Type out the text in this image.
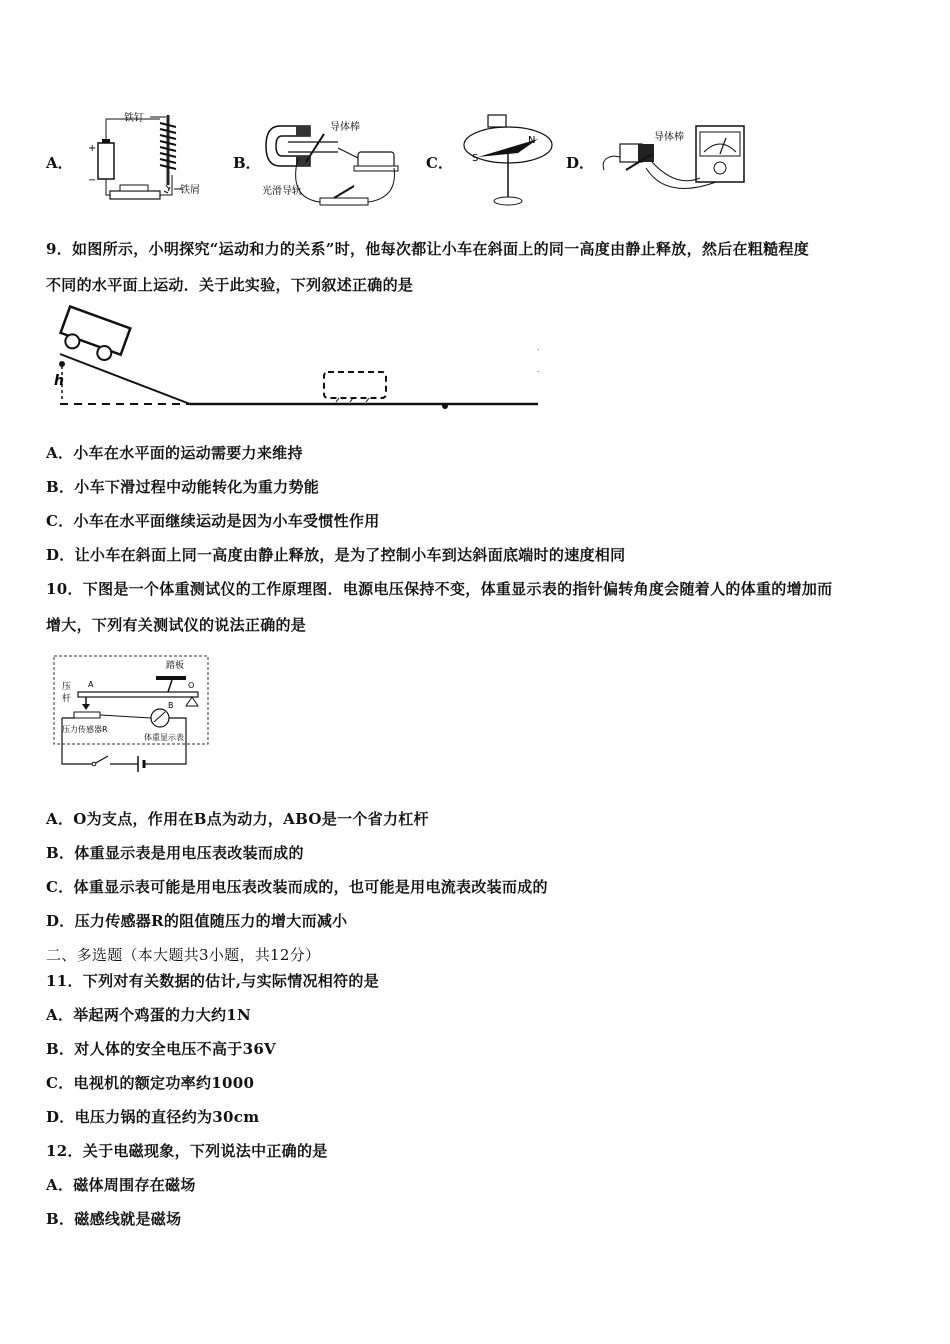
A．
铁钉
+
−
铁屑
B．
导体棒
光滑导轨
C． S
N
D．
导体棒
9．如图所示，小明探究“运动和力的关系”时，他每次都让小车在斜面上的同一高度由静止释放，然后在粗糙程度
不同的水平面上运动．关于此实验，下列叙述正确的是
h
.
.
A．小车在水平面的运动需要力来维持
B．小车下滑过程中动能转化为重力势能
C．小车在水平面继续运动是因为小车受惯性作用
D．让小车在斜面上同一高度由静止释放，是为了控制小车到达斜面底端时的速度相同
10．下图是一个体重测试仪的工作原理图．电源电压保持不变，体重显示表的指针偏转角度会随着人的体重的增加而
增大，下列有关测试仪的说法正确的是
踏板
A
B
O
压
杆
压力传感器R
体重显示表
A．O为支点，作用在B点为动力，ABO是一个省力杠杆
B．体重显示表是用电压表改装而成的
C．体重显示表可能是用电压表改装而成的，也可能是用电流表改装而成的
D．压力传感器R的阻值随压力的增大而减小
二、多选题（本大题共3小题，共12分）
11．下列对有关数据的估计,与实际情况相符的是
A．举起两个鸡蛋的力大约1N
B．对人体的安全电压不高于36V
C．电视机的额定功率约1000
D．电压力锅的直径约为30cm
12．关于电磁现象，下列说法中正确的是
A．磁体周围存在磁场
B．磁感线就是磁场
